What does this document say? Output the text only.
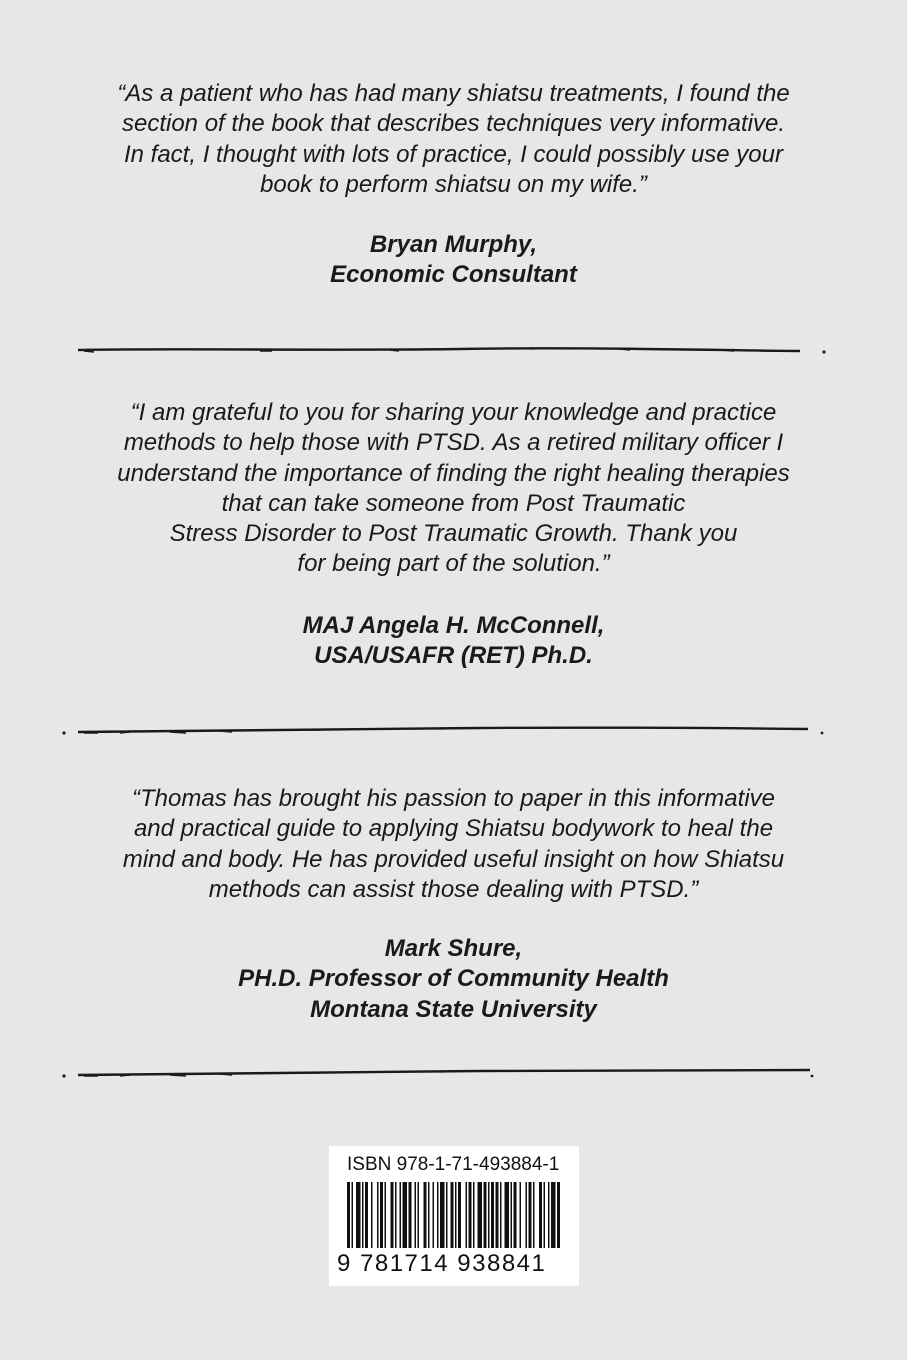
“As a patient who has had many shiatsu treatments, I found the
section of the book that describes techniques very informative.
In fact, I thought with lots of practice, I could possibly use your
book to perform shiatsu on my wife.”
Bryan Murphy,
Economic Consultant
“I am grateful to you for sharing your knowledge and practice
methods to help those with PTSD. As a retired military officer I
understand the importance of finding the right healing therapies
that can take someone from Post Traumatic
Stress Disorder to Post Traumatic Growth. Thank you
for being part of the solution.”
MAJ Angela H. McConnell,
USA/USAFR (RET) Ph.D.
“Thomas has brought his passion to paper in this informative
and practical guide to applying Shiatsu bodywork to heal the
mind and body. He has provided useful insight on how Shiatsu
methods can assist those dealing with PTSD.”
Mark Shure,
PH.D. Professor of Community Health
Montana State University
ISBN 978-1-71-493884-1
9 781714 938841
